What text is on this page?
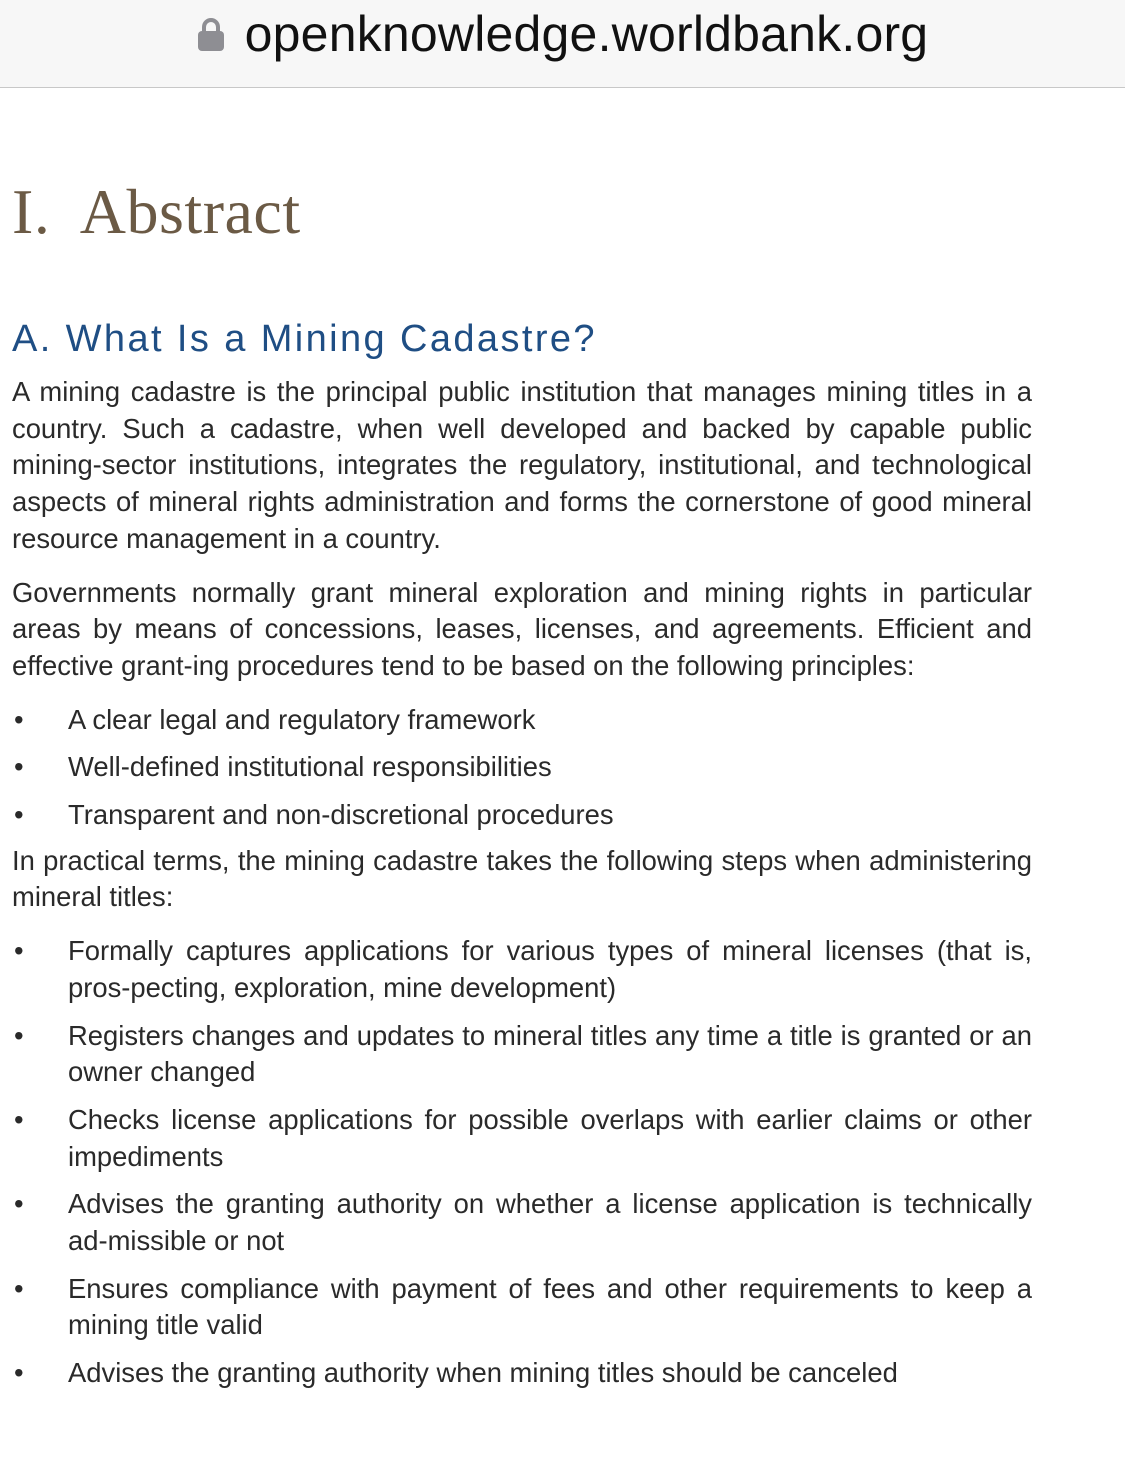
openknowledge.worldbank.org
I.  Abstract
A. What Is a Mining Cadastre?

A mining cadastre is the principal public institution that manages mining titles in a country. Such a cadastre, when well developed and backed by capable public mining-sector institutions, integrates the regulatory, institutional, and technological aspects of mineral rights administration and forms the cornerstone of good mineral resource management in a country.

Governments normally grant mineral exploration and mining rights in particular areas by means of concessions, leases, licenses, and agreements. Efficient and effective grant-ing procedures tend to be based on the following principles:

• A clear legal and regulatory framework
• Well-defined institutional responsibilities
• Transparent and non-discretional procedures

In practical terms, the mining cadastre takes the following steps when administering mineral titles:

• Formally captures applications for various types of mineral licenses (that is, pros-pecting, exploration, mine development)
• Registers changes and updates to mineral titles any time a title is granted or an owner changed
• Checks license applications for possible overlaps with earlier claims or other impediments
• Advises the granting authority on whether a license application is technically ad-missible or not
• Ensures compliance with payment of fees and other requirements to keep a mining title valid
• Advises the granting authority when mining titles should be canceled
